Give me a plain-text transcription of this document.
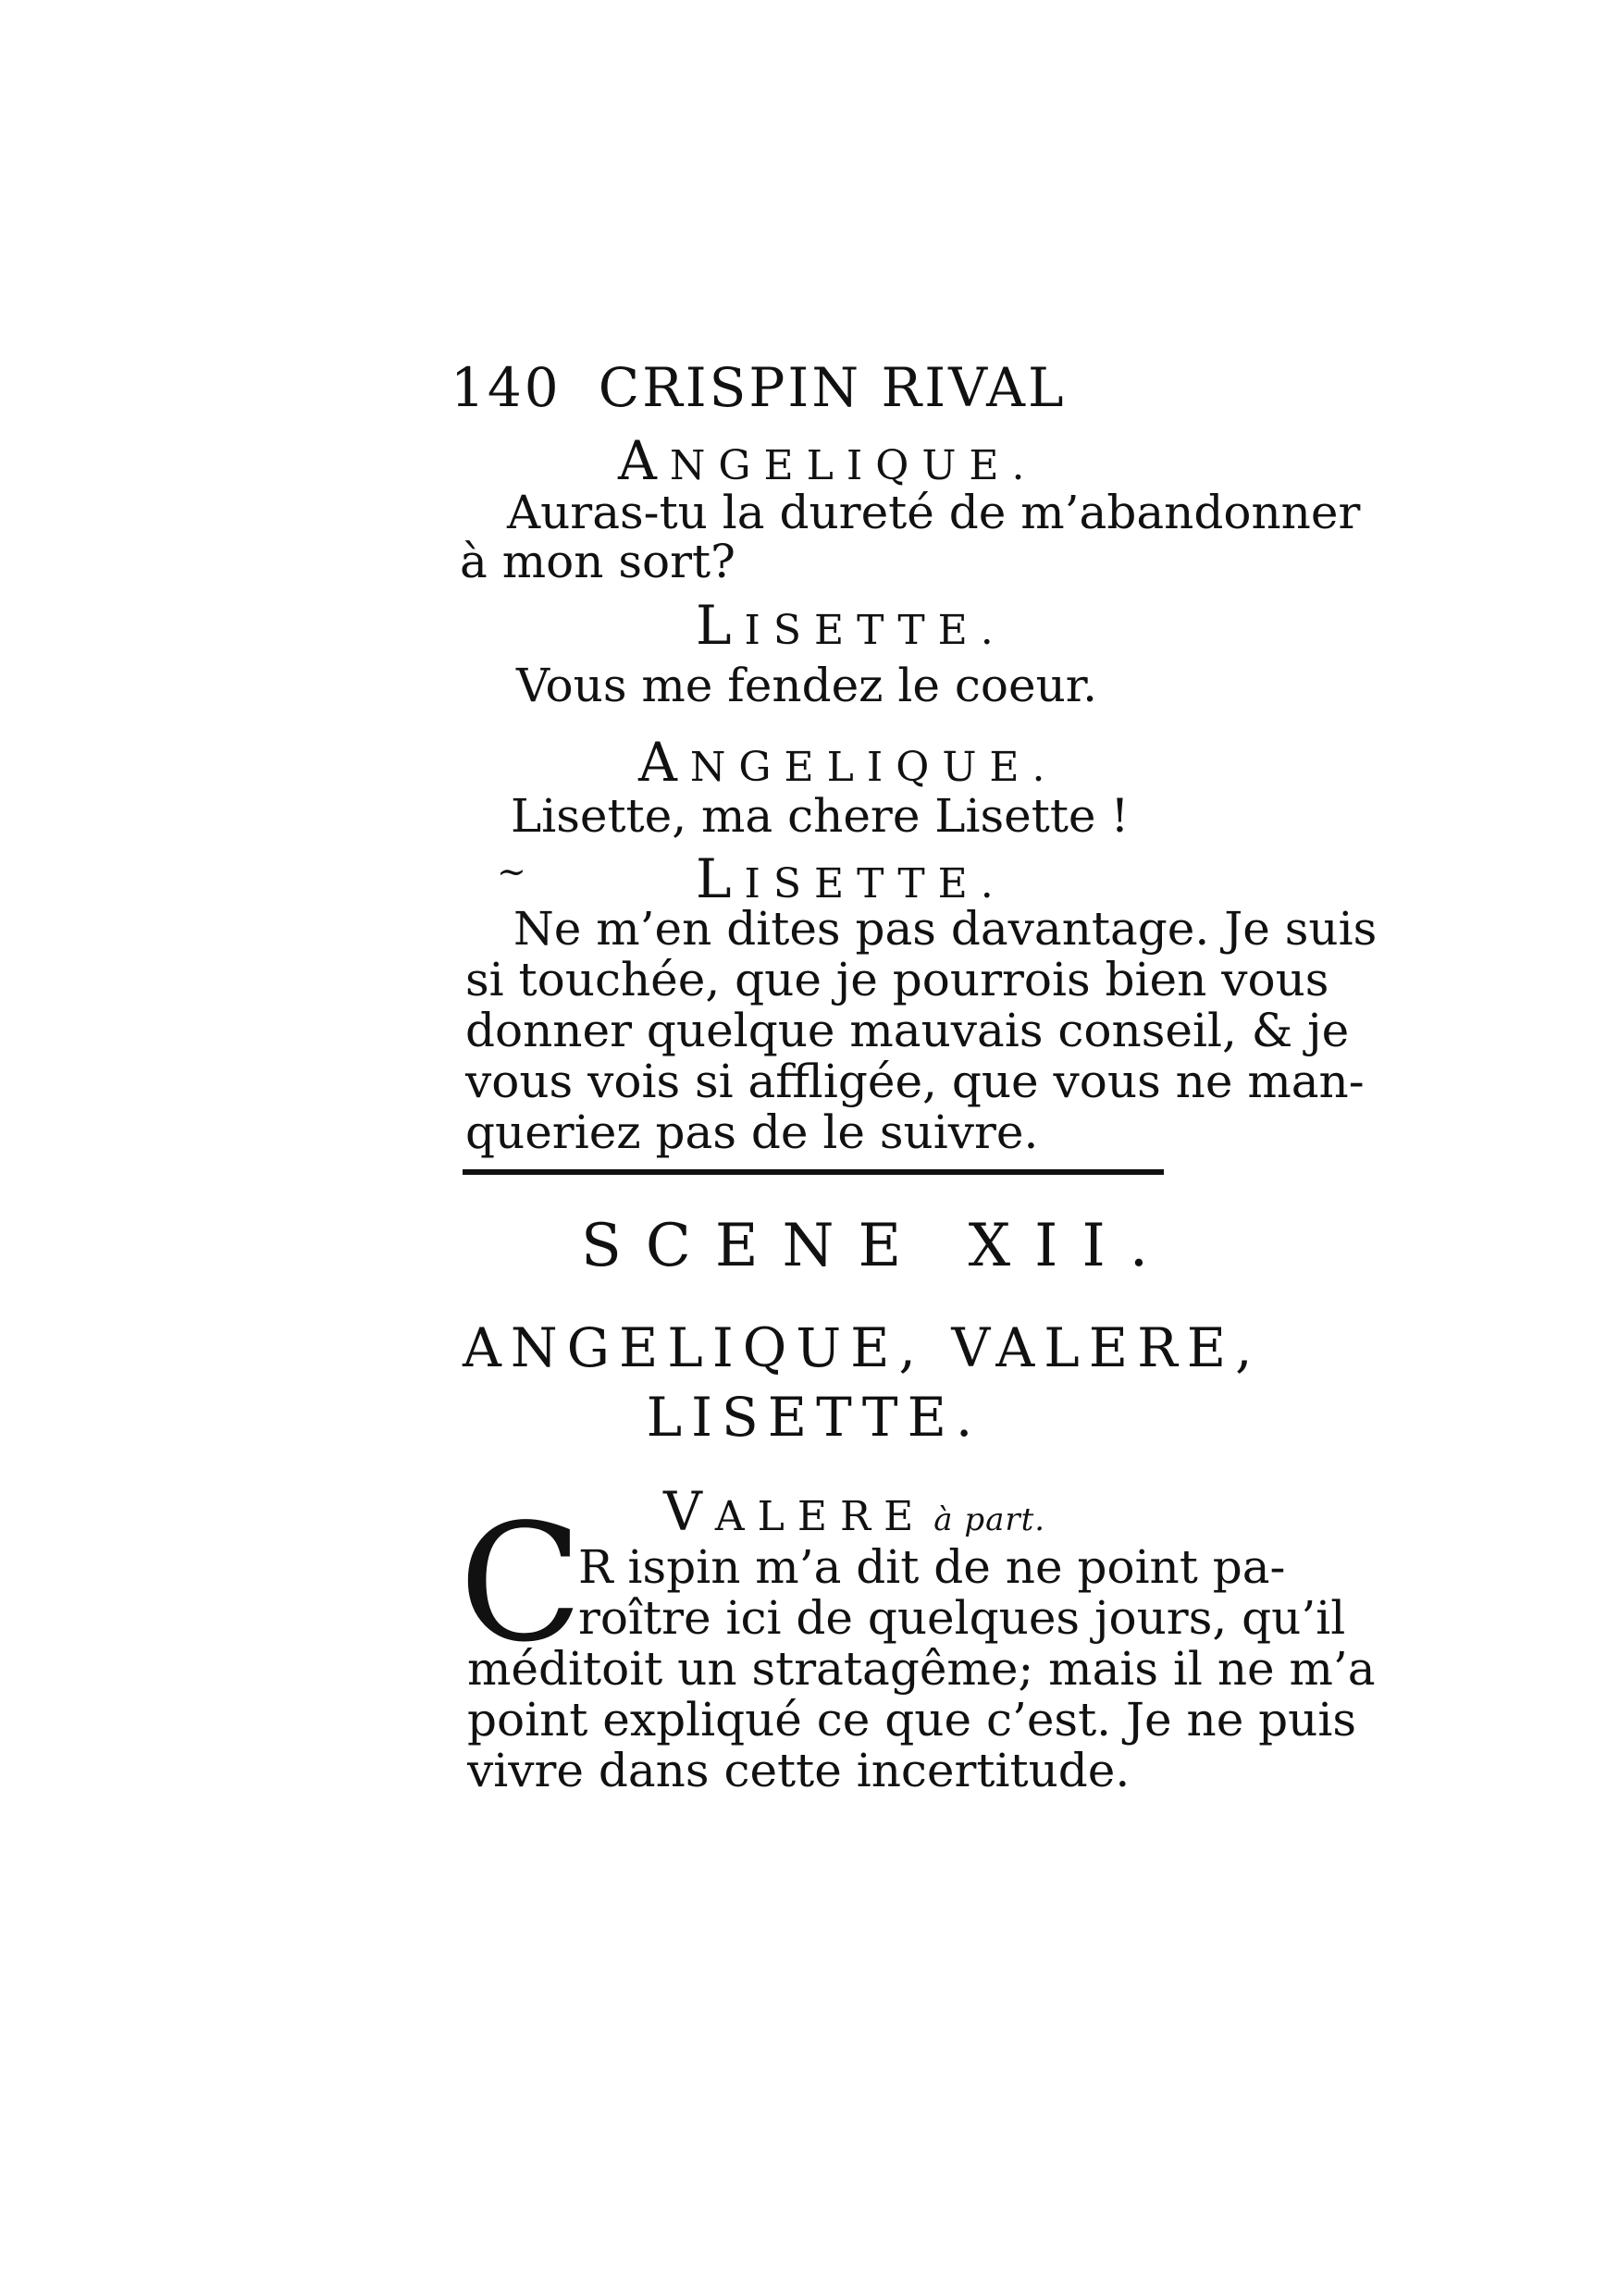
140 CRISPIN RIVAL
ANGELIQUE.
Auras-tu la dureté de m’abandonner
à mon sort?
LISETTE.
Vous me fendez le coeur.
ANGELIQUE.
Lisette, ma chere Lisette !
~	LISETTE.
Ne m’en dites pas davantage. Je suis
si touchée, que je pourrois bien vous
donner quelque mauvais conseil, & je
vous vois si affligée, que vous ne man-
queriez pas de le suivre.
SCENE XII.
ANGELIQUE, VALERE,
LISETTE.
VALERE à part.
C
R ispin m’a dit de ne point pa-
roître ici de quelques jours, qu’il
méditoit un stratagême; mais il ne m’a
point expliqué ce que c’est. Je ne puis
vivre dans cette incertitude.
